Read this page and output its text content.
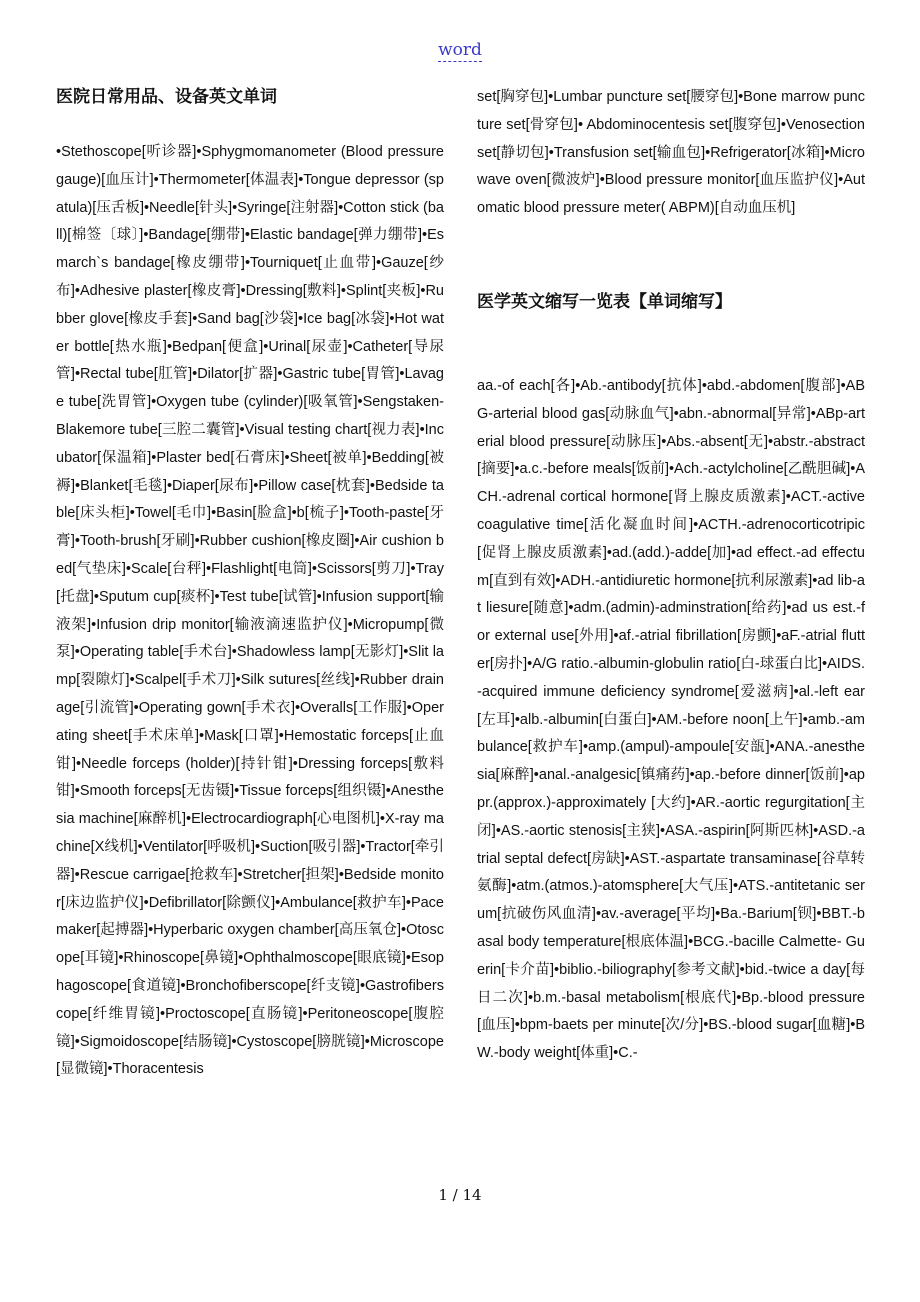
word
医院日常用品、设备英文单词

•Stethoscope[听诊器]•Sphygmomanometer (Blood pressure gauge)[血压计]•Thermometer[体温表]•Tongue depressor (spatula)[压舌板]•Needle[针头]•Syringe[注射器]•Cotton stick (ball)[棉签〔球〕]•Bandage[绷带]•Elastic bandage[弹力绷带]•Esmarch`s bandage[橡皮绷带]•Tourniquet[止血带]•Gauze[纱布]•Adhesive plaster[橡皮膏]•Dressing[敷料]•Splint[夹板]•Rubber glove[橡皮手套]•Sand bag[沙袋]•Ice bag[冰袋]•Hot water bottle[热水瓶]•Bedpan[便盒]•Urinal[尿壶]•Catheter[导尿管]•Rectal tube[肛管]•Dilator[扩器]•Gastric tube[胃管]•Lavage tube[洗胃管]•Oxygen tube (cylinder)[吸氧管]•Sengstaken-Blakemore tube[三腔二囊管]•Visual testing chart[视力表]•Incubator[保温箱]•Plaster bed[石膏床]•Sheet[被单]•Bedding[被褥]•Blanket[毛毯]•Diaper[尿布]•Pillow case[枕套]•Bedside table[床头柜]•Towel[毛巾]•Basin[脸盒]•b[梳子]•Tooth-paste[牙膏]•Tooth-brush[牙刷]•Rubber cushion[橡皮圈]•Air cushion bed[气垫床]•Scale[台秤]•Flashlight[电筒]•Scissors[剪刀]•Tray[托盘]•Sputum cup[痰杯]•Test tube[试管]•Infusion support[输液架]•Infusion drip monitor[输液滴速监护仪]•Micropump[微泵]•Operating table[手术台]•Shadowless lamp[无影灯]•Slit lamp[裂隙灯]•Scalpel[手术刀]•Silk sutures[丝线]•Rubber drainage[引流管]•Operating gown[手术衣]•Overalls[工作服]•Operating sheet[手术床单]•Mask[口罩]•Hemostatic forceps[止血钳]•Needle forceps (holder)[持针钳]•Dressing forceps[敷料钳]•Smooth forceps[无齿镊]•Tissue forceps[组织镊]•Anesthesia machine[麻醉机]•Electrocardiograph[心电图机]•X-ray machine[X线机]•Ventilator[呼吸机]•Suction[吸引器]•Tractor[牵引器]•Rescue carrigae[抢救车]•Stretcher[担架]•Bedside monitor[床边监护仪]•Defibrillator[除颤仪]•Ambulance[救护车]•Pacemaker[起搏器]•Hyperbaric oxygen chamber[高压氧仓]•Otoscope[耳镜]•Rhinoscope[鼻镜]•Ophthalmoscope[眼底镜]•Esophagoscope[食道镜]•Bronchofiberscope[纤支镜]•Gastrofiberscope[纤维胃镜]•Proctoscope[直肠镜]•Peritoneoscope[腹腔镜]•Sigmoidoscope[结肠镜]•Cystoscope[膀胱镜]•Microscope[显微镜]•Thoracentesis

set[胸穿包]•Lumbar puncture set[腰穿包]•Bone marrow puncture set[骨穿包]• Abdominocentesis set[腹穿包]•Venosection set[静切包]•Transfusion set[输血包]•Refrigerator[冰箱]•Microwave oven[微波炉]•Blood pressure monitor[血压监护仪]•Automatic blood pressure meter( ABPM)[自动血压机]

医学英文缩写一览表【单词缩写】

aa.-of each[各]•Ab.-antibody[抗体]•abd.-abdomen[腹部]•ABG-arterial blood gas[动脉血气]•abn.-abnormal[异常]•ABp-arterial blood pressure[动脉压]•Abs.-absent[无]•abstr.-abstract[摘要]•a.c.-before meals[饭前]•Ach.-actylcholine[乙酰胆碱]•ACH.-adrenal cortical hormone[肾上腺皮质激素]•ACT.-active coagulative time[活化凝血时间]•ACTH.-adrenocorticotripic[促肾上腺皮质激素]•ad.(add.)-adde[加]•ad effect.-ad effectum[直到有效]•ADH.-antidiuretic hormone[抗利尿激素]•ad lib-at liesure[随意]•adm.(admin)-adminstration[给药]•ad us est.-for external use[外用]•af.-atrial fibrillation[房颤]•aF.-atrial flutter[房扑]•A/G ratio.-albumin-globulin ratio[白-球蛋白比]•AIDS.-acquired immune deficiency syndrome[爱滋病]•al.-left ear[左耳]•alb.-albumin[白蛋白]•AM.-before noon[上午]•amb.-ambulance[救护车]•amp.(ampul)-ampoule[安瓿]•ANA.-anesthesia[麻醉]•anal.-analgesic[镇痛药]•ap.-before dinner[饭前]•appr.(approx.)-approximately [大约]•AR.-aortic regurgitation[主闭]•AS.-aortic stenosis[主狭]•ASA.-aspirin[阿斯匹林]•ASD.-atrial septal defect[房缺]•AST.-aspartate transaminase[谷草转氨酶]•atm.(atmos.)-atomsphere[大气压]•ATS.-antitetanic serum[抗破伤风血清]•av.-average[平均]•Ba.-Barium[钡]•BBT.-basal body temperature[根底体温]•BCG.-bacille Calmette- Guerin[卡介苗]•biblio.-biliography[参考文献]•bid.-twice a day[每日二次]•b.m.-basal metabolism[根底代]•Bp.-blood pressure[血压]•bpm-baets per minute[次/分]•BS.-blood sugar[血糖]•BW.-body weight[体重]•C.-

1 / 14
